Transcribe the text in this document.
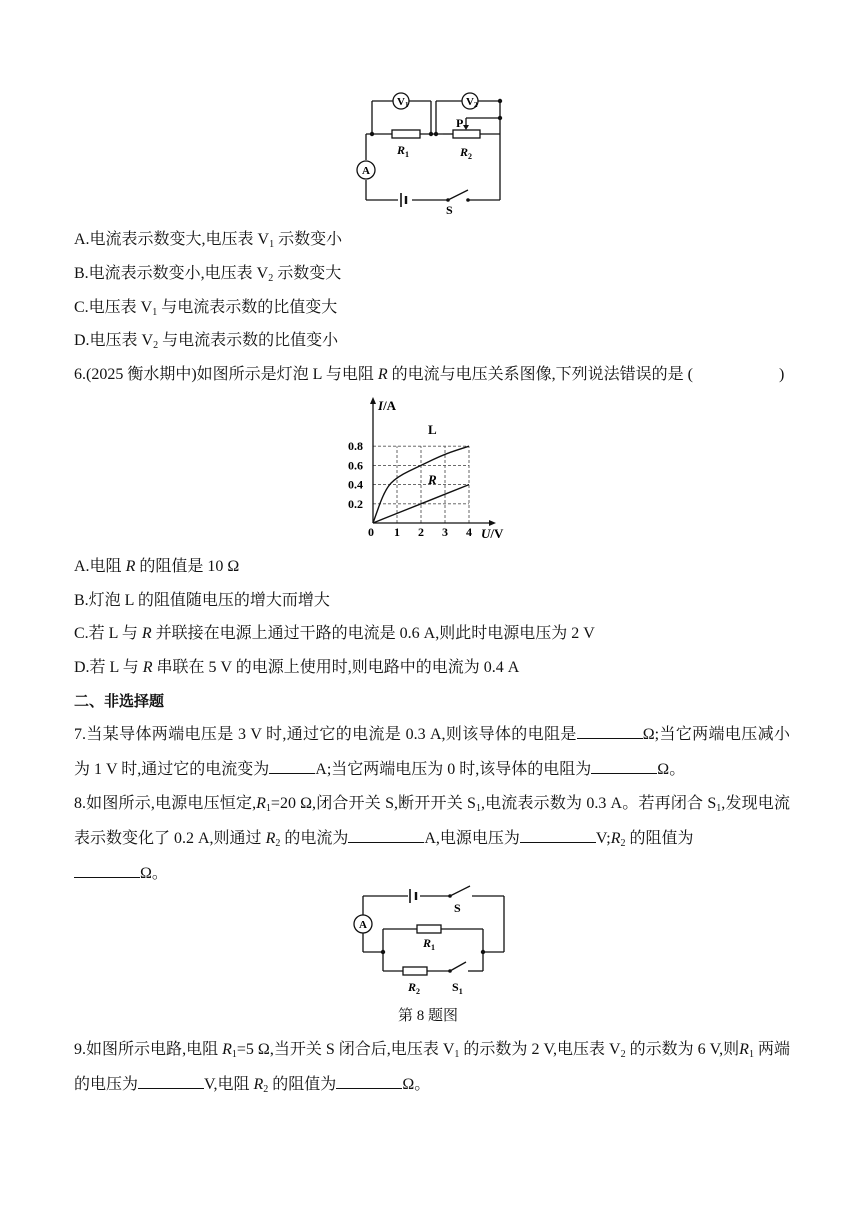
V1	V2
A
$R_1$	$R_2$
P
S
A.电流表示数变大,电压表 $V_1$ 示数变小
B.电流表示数变小,电压表 $V_2$ 示数变大
C.电压表 $V_1$ 与电流表示数的比值变大
D.电压表 $V_2$ 与电流表示数的比值变小
6.(2025 衡水期中)如图所示是灯泡 L 与电阻 R 的电流与电压关系图像,下列说法错误的是 (	)
1 2 3 4
0.2
0.4
0.6
0.8
I/A
U/V
0
L
R
A.电阻 R 的阻值是 10 Ω
B.灯泡 L 的阻值随电压的增大而增大
C.若 L 与 R 并联接在电源上通过干路的电流是 0.6 A,则此时电源电压为 2 V
D.若 L 与 R 串联在 5 V 的电源上使用时,则电路中的电流为 0.4 A
二、非选择题
7.当某导体两端电压是 3 V 时,通过它的电流是 0.3 A,则该导体的电阻是	Ω;当它两端电压减小为 1 V 时,通过它的电流变为	A;当它两端电压为 0 时,该导体的电阻为	Ω。
8.如图所示,电源电压恒定$,R_1=20$ Ω,闭合开关 S,断开开关 $S_1$,电流表示数为 0.3 A。若再闭合 $S_1$,发现电流表示数变化了 0.2 A,则通过 $R_2$ 的电流为	A,电源电压为	$V;R_2$ 的阻值为
Ω。
A
S
$R_1$
$R_2$	$S_1$
第 8 题图
9.如图所示电路,电阻 $R_1=5$ Ω,当开关 S 闭合后,电压表 $V_1$ 的示数为 2 V,电压表 $V_2$ 的示数为 6 V,则$R_1$ 两端的电压为	V,电阻 $R_2$ 的阻值为	Ω。
